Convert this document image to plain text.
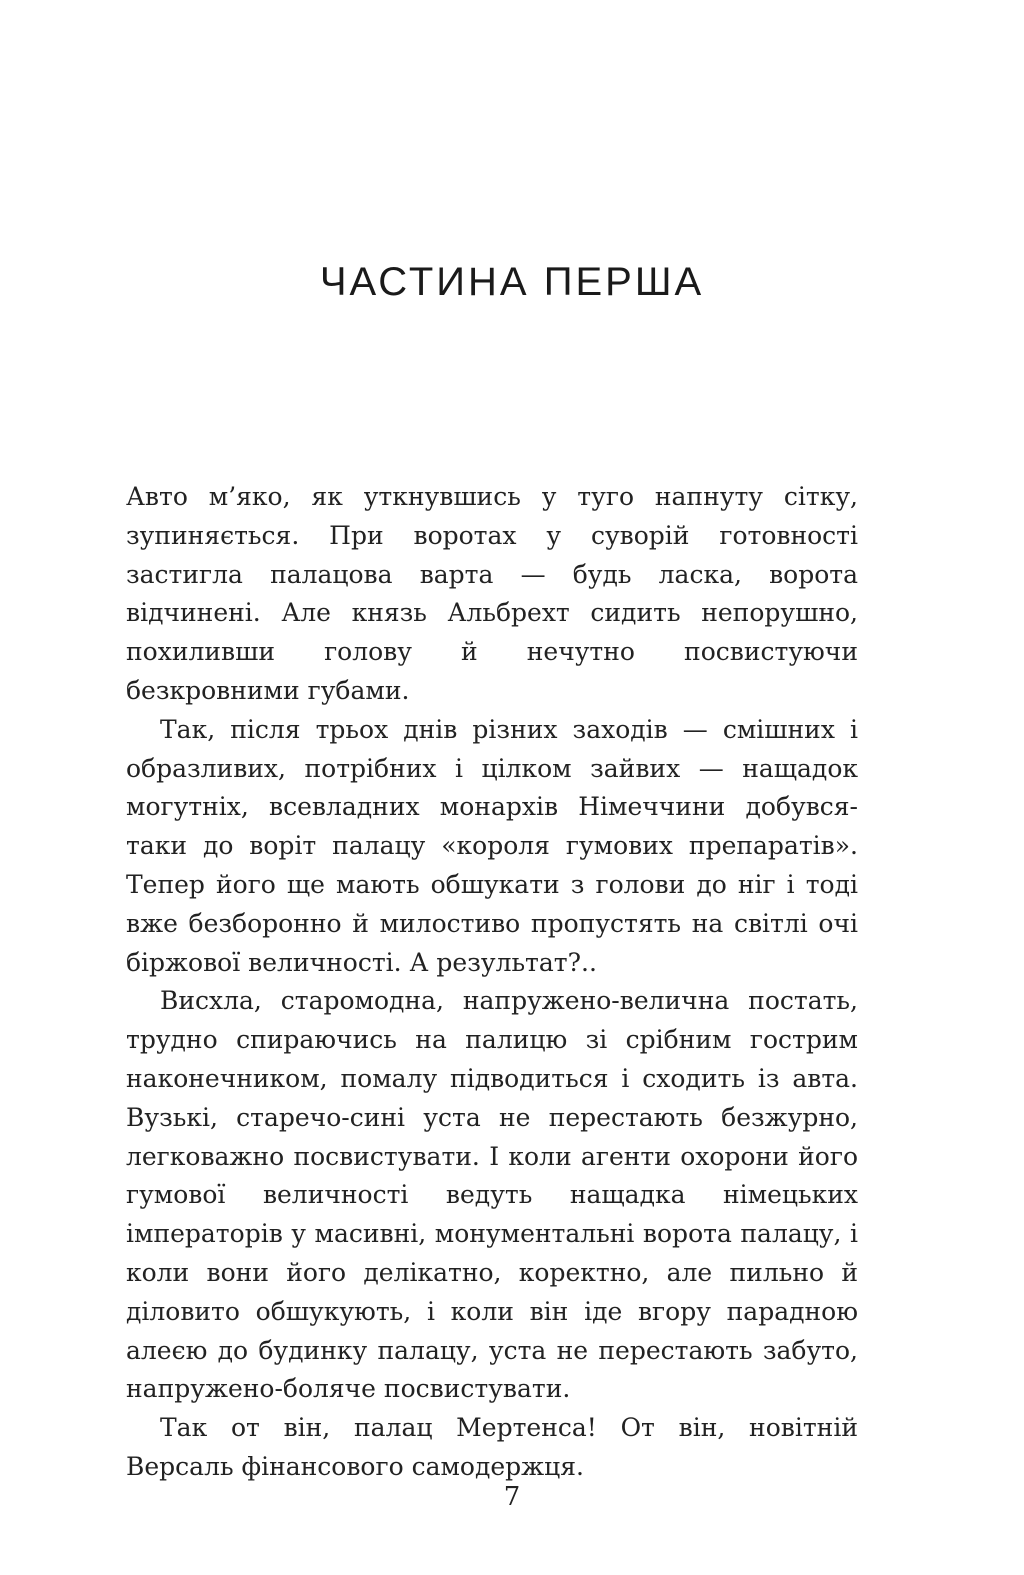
ЧАСТИНА ПЕРША

Авто м’яко, як уткнувшись у туго напнуту сітку, зупиняється. При воротах у суворій готовності застигла палацова варта — будь ласка, ворота відчинені. Але князь Альбрехт сидить непорушно, похиливши голову й нечутно посвистуючи безкровними губами.

Так, після трьох днів різних заходів — смішних і образливих, потрібних і цілком зайвих — нащадок могутніх, всевладних монархів Німеччини добувся-таки до воріт палацу «короля гумових препаратів». Тепер його ще мають обшукати з голови до ніг і тоді вже безборонно й милостиво пропустять на світлі очі біржової величності. А результат?..

Висхла, старомодна, напружено-велична постать, трудно спираючись на палицю зі срібним гострим наконечником, помалу підводиться і сходить із авта. Вузькі, старечо-сині уста не перестають безжурно, легковажно посвистувати. І коли агенти охорони його гумової величності ведуть нащадка німецьких імператорів у масивні, монументальні ворота палацу, і коли вони його делікатно, коректно, але пильно й діловито обшукують, і коли він іде вгору парадною алеєю до будинку палацу, уста не перестають забуто, напружено-боляче посвистувати.

Так от він, палац Мертенса! От він, новітній Версаль фінансового самодержця.

7
